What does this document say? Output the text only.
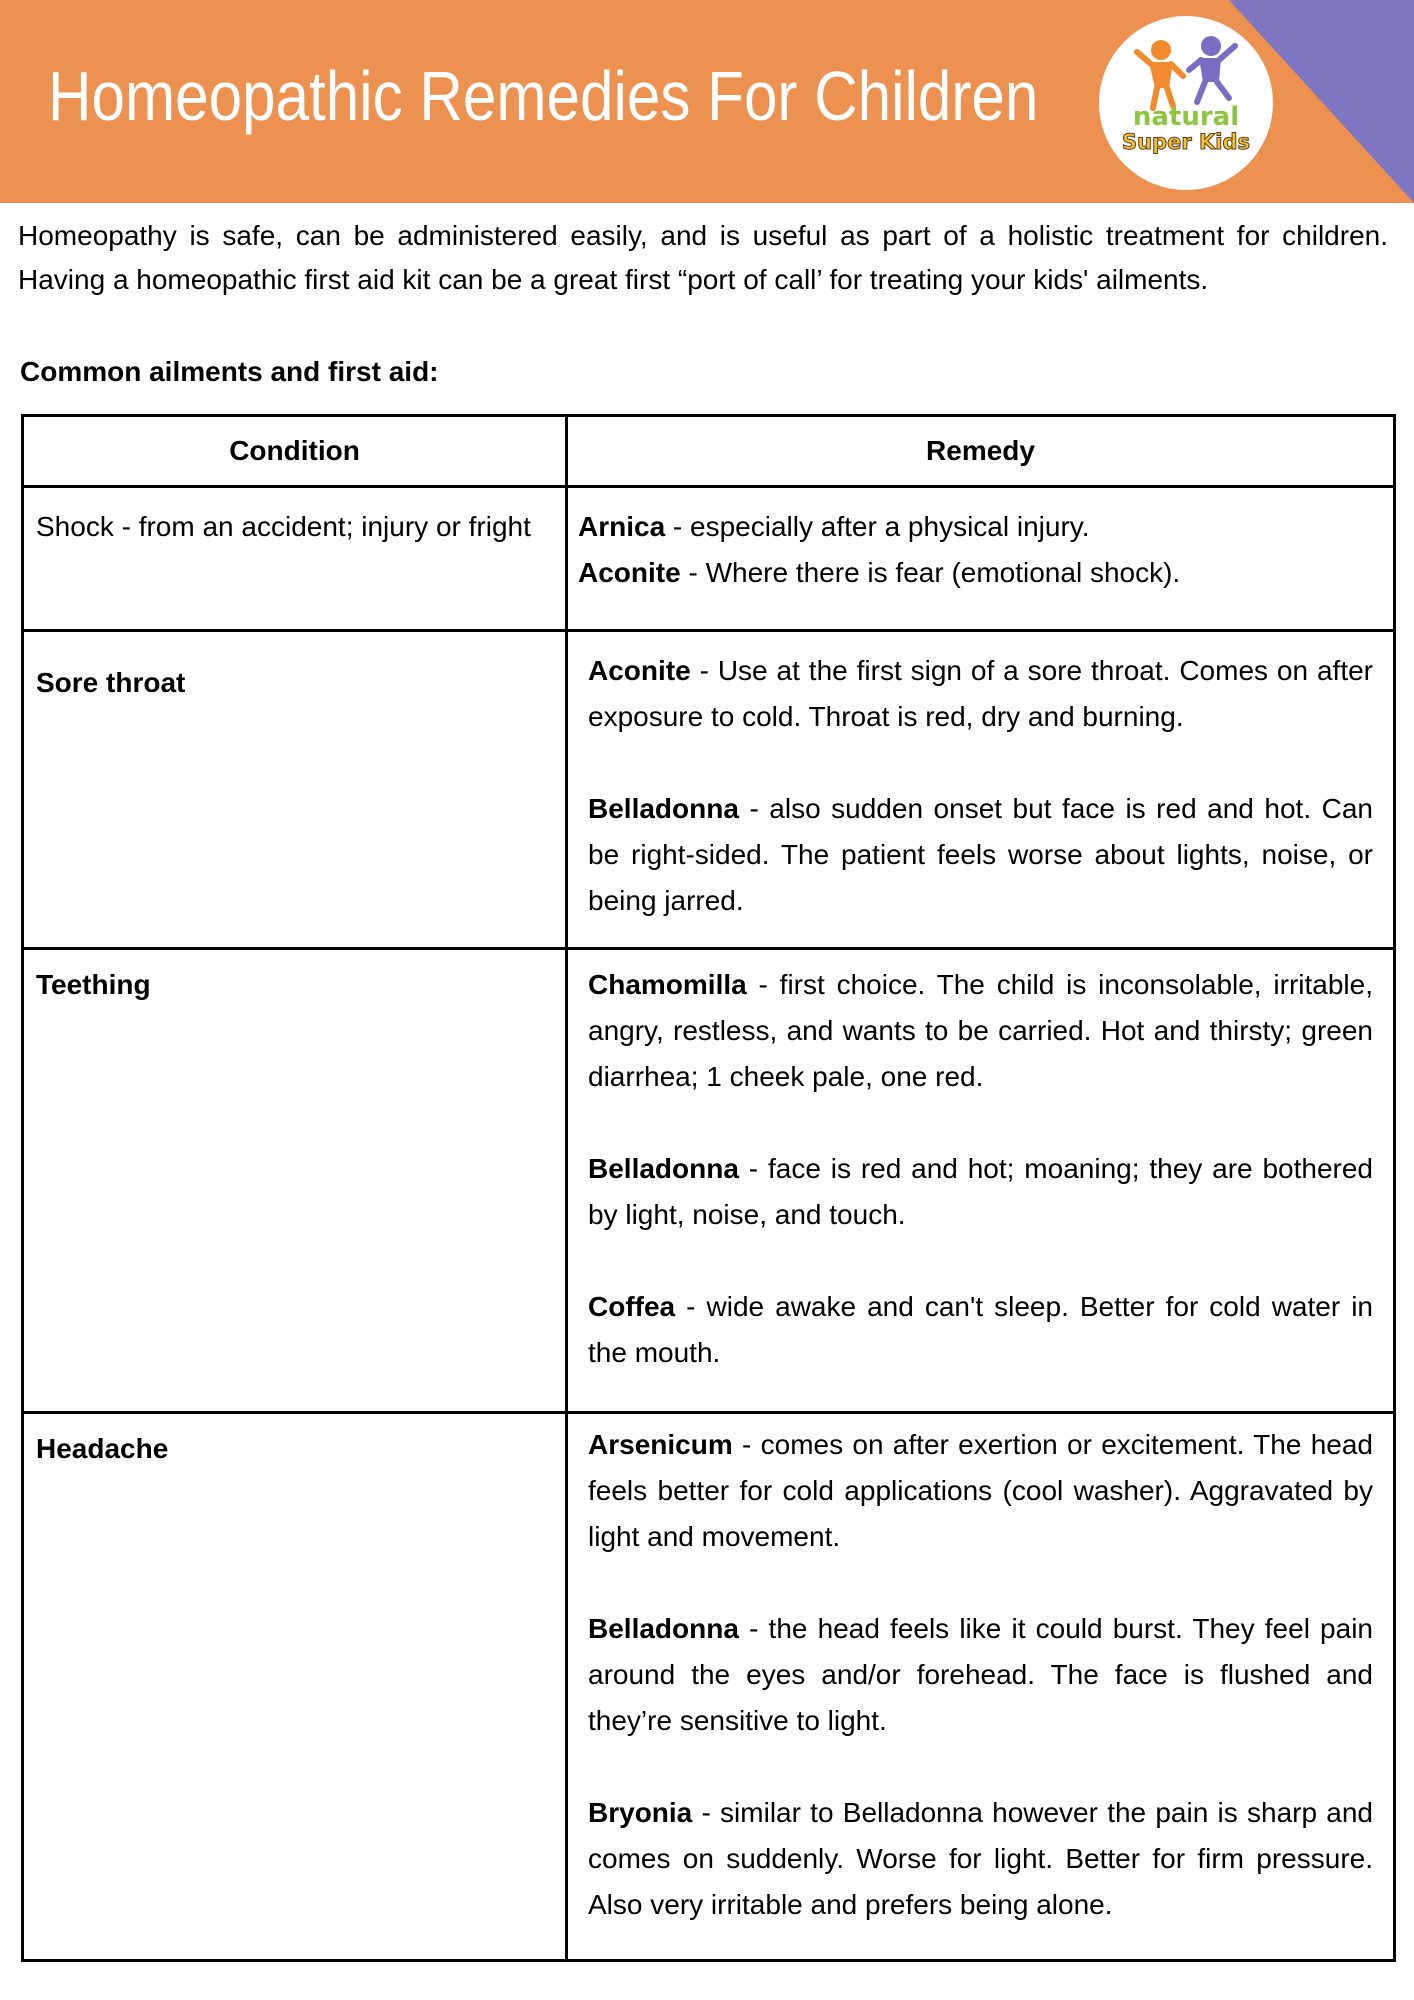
Homeopathic Remedies For Children	natural
Super Kids

Homeopathy is safe, can be administered easily, and is useful as part of a holistic treatment for children. Having a homeopathic first aid kit can be a great first “port of call’ for treating your kids' ailments.

Common ailments and first aid:
Condition	Remedy
Shock - from an accident; injury or fright	Arnica - especially after a physical injury.

Aconite - Where there is fear (emotional shock).

Sore throat	Aconite - Use at the first sign of a sore throat. Comes on after exposure to cold. Throat is red, dry and burning.

Belladonna - also sudden onset but face is red and hot. Can be right-sided. The patient feels worse about lights, noise, or being jarred.

Teething	Chamomilla - first choice. The child is inconsolable, irritable, angry, restless, and wants to be carried. Hot and thirsty; green diarrhea; 1 cheek pale, one red.

Belladonna - face is red and hot; moaning; they are bothered by light, noise, and touch.

Coffea - wide awake and can't sleep. Better for cold water in the mouth.

Headache	Arsenicum - comes on after exertion or excitement. The head feels better for cold applications (cool washer). Aggravated by light and movement.

Belladonna - the head feels like it could burst. They feel pain around the eyes and/or forehead. The face is flushed and they’re sensitive to light.

Bryonia - similar to Belladonna however the pain is sharp and comes on suddenly. Worse for light. Better for firm pressure. Also very irritable and prefers being alone.
